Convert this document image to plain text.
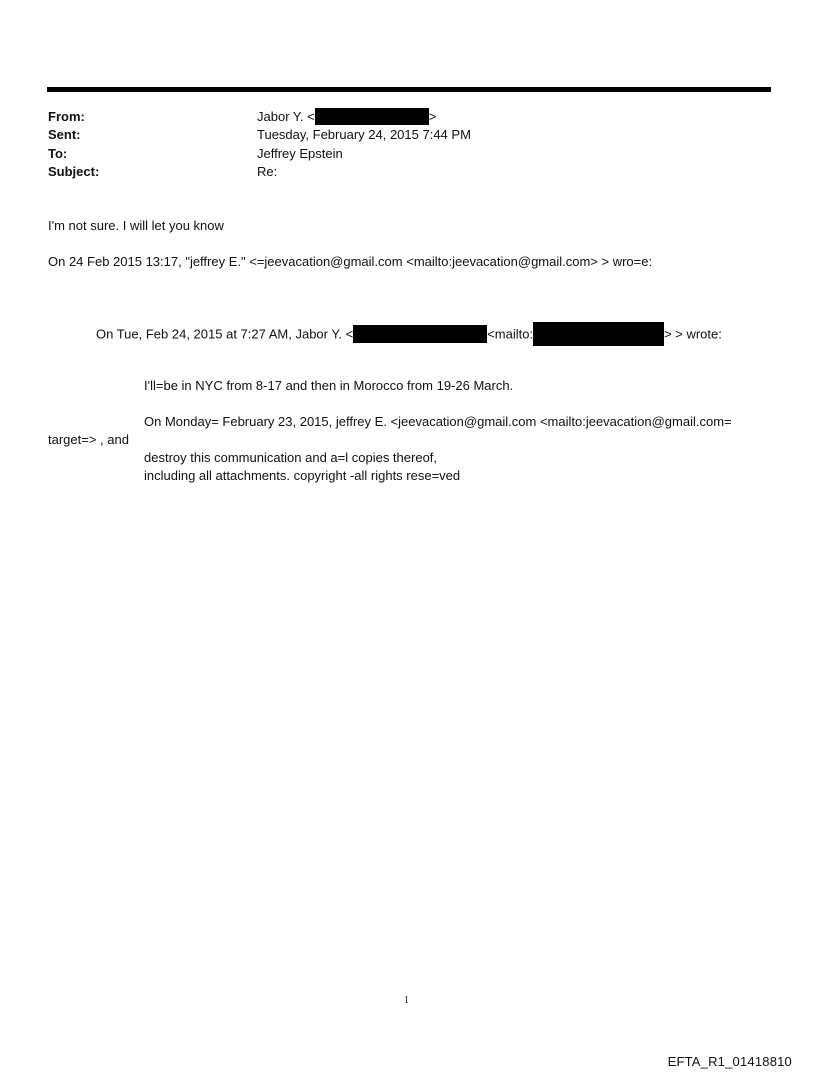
From:	Jabor Y. <	>
Sent:	Tuesday, February 24, 2015 7:44 PM
To:	Jeffrey Epstein
Subject:	Re:
I'm not sure. I will let you know
On 24 Feb 2015 13:17, "jeffrey E." <=jeevacation@gmail.com <mailto:jeevacation@gmail.com> > wro=e:
On Tue, Feb 24, 2015 at 7:27 AM, Jabor Y. <	<mailto:	> > wrote:
I'll=be in NYC from 8-17 and then in Morocco from 19-26 March.
On Monday= February 23, 2015, jeffrey E. <jeevacation@gmail.com <mailto:jeevacation@gmail.com=
target=> , and
destroy this communication and a=l copies thereof,
including all attachments. copyright -all rights rese=ved
1
EFTA_R1_01418810
